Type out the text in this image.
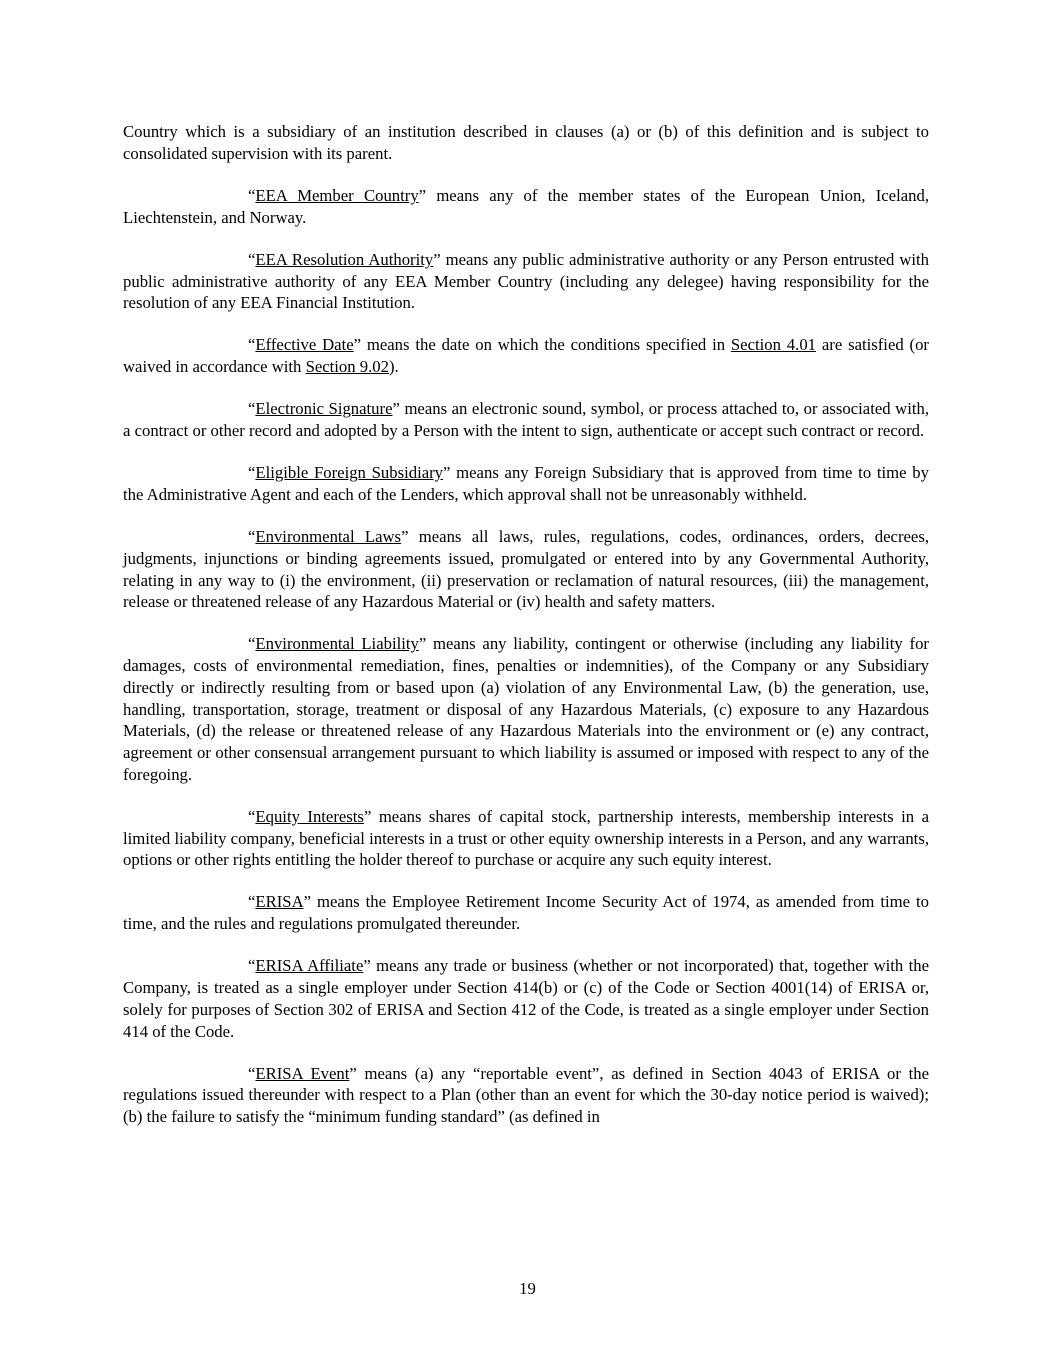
Country which is a subsidiary of an institution described in clauses (a) or (b) of this definition and is subject to consolidated supervision with its parent.

“EEA Member Country” means any of the member states of the European Union, Iceland, Liechtenstein, and Norway.

“EEA Resolution Authority” means any public administrative authority or any Person entrusted with public administrative authority of any EEA Member Country (including any delegee) having responsibility for the resolution of any EEA Financial Institution.

“Effective Date” means the date on which the conditions specified in Section 4.01 are satisfied (or waived in accordance with Section 9.02).

“Electronic Signature” means an electronic sound, symbol, or process attached to, or associated with, a contract or other record and adopted by a Person with the intent to sign, authenticate or accept such contract or record.

“Eligible Foreign Subsidiary” means any Foreign Subsidiary that is approved from time to time by the Administrative Agent and each of the Lenders, which approval shall not be unreasonably withheld.

“Environmental Laws” means all laws, rules, regulations, codes, ordinances, orders, decrees, judgments, injunctions or binding agreements issued, promulgated or entered into by any Governmental Authority, relating in any way to (i) the environment, (ii) preservation or reclamation of natural resources, (iii) the management, release or threatened release of any Hazardous Material or (iv) health and safety matters.

“Environmental Liability” means any liability, contingent or otherwise (including any liability for damages, costs of environmental remediation, fines, penalties or indemnities), of the Company or any Subsidiary directly or indirectly resulting from or based upon (a) violation of any Environmental Law, (b) the generation, use, handling, transportation, storage, treatment or disposal of any Hazardous Materials, (c) exposure to any Hazardous Materials, (d) the release or threatened release of any Hazardous Materials into the environment or (e) any contract, agreement or other consensual arrangement pursuant to which liability is assumed or imposed with respect to any of the foregoing.

“Equity Interests” means shares of capital stock, partnership interests, membership interests in a limited liability company, beneficial interests in a trust or other equity ownership interests in a Person, and any warrants, options or other rights entitling the holder thereof to purchase or acquire any such equity interest.

“ERISA” means the Employee Retirement Income Security Act of 1974, as amended from time to time, and the rules and regulations promulgated thereunder.

“ERISA Affiliate” means any trade or business (whether or not incorporated) that, together with the Company, is treated as a single employer under Section 414(b) or (c) of the Code or Section 4001(14) of ERISA or, solely for purposes of Section 302 of ERISA and Section 412 of the Code, is treated as a single employer under Section 414 of the Code.

“ERISA Event” means (a) any “reportable event”, as defined in Section 4043 of ERISA or the regulations issued thereunder with respect to a Plan (other than an event for which the 30-day notice period is waived); (b) the failure to satisfy the “minimum funding standard” (as defined in

19
